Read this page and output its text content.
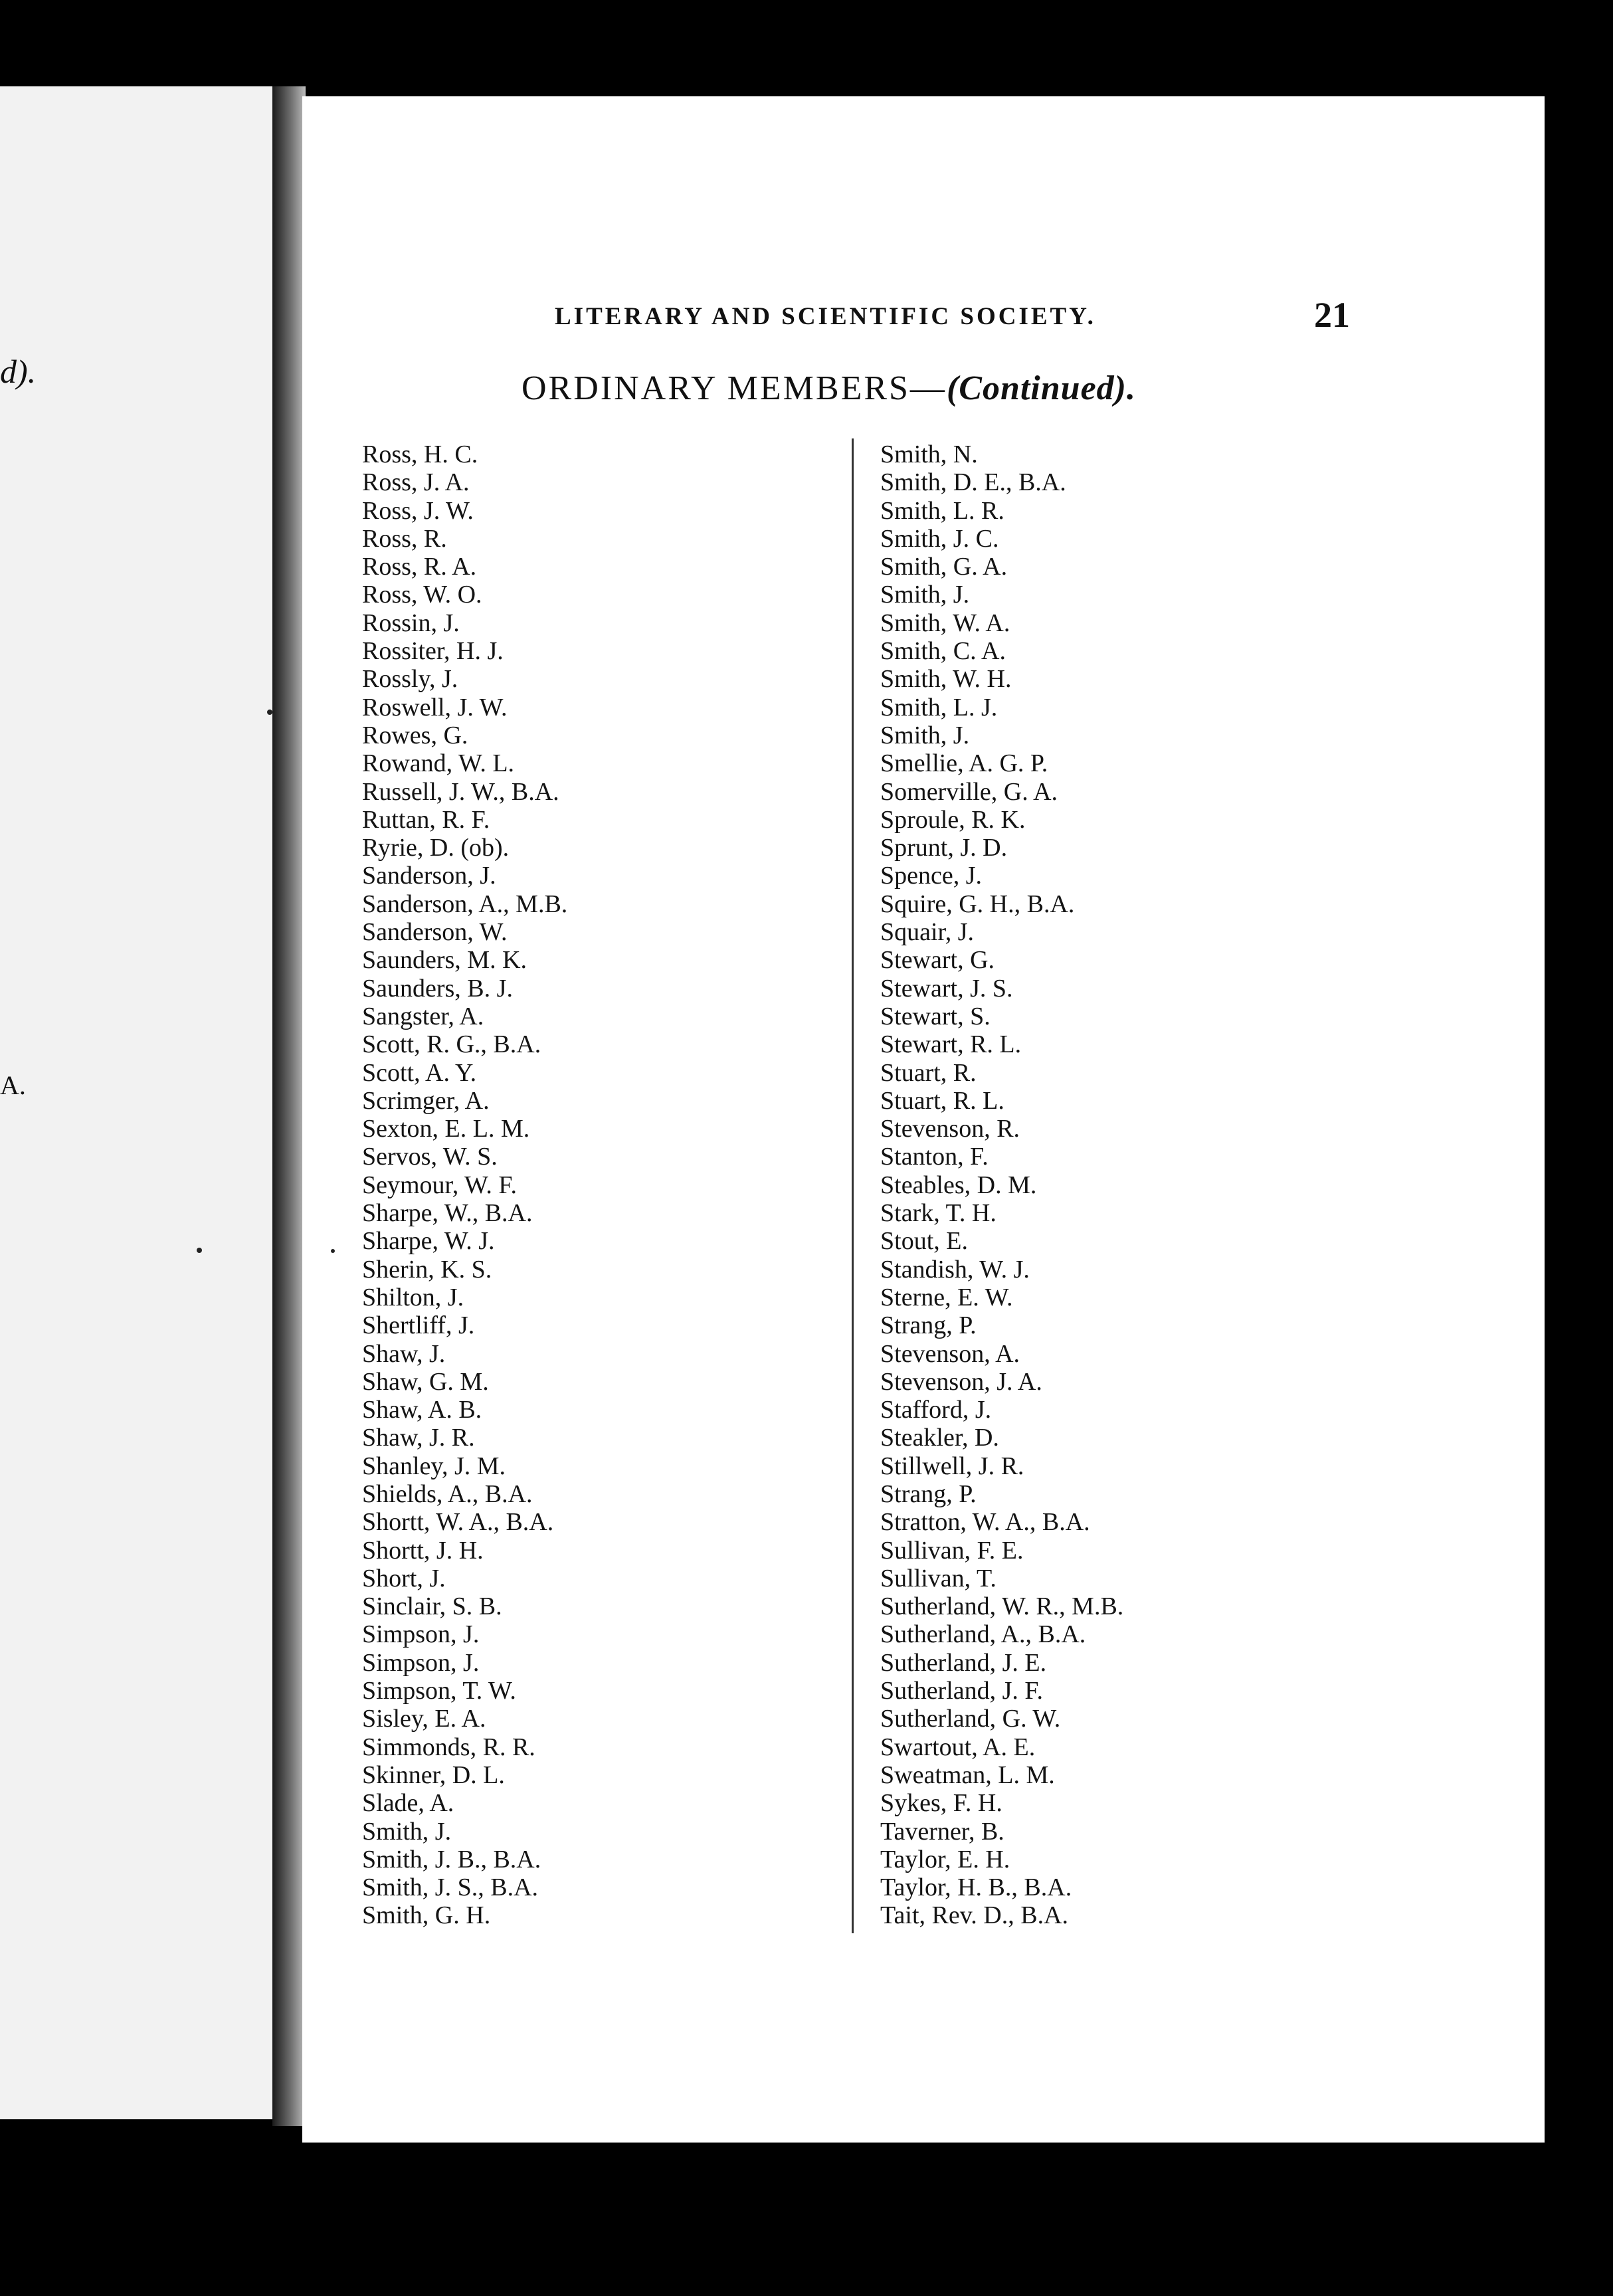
d).
A.
LITERARY AND SCIENTIFIC SOCIETY.	21
ORDINARY MEMBERS—(Continued).
Ross, H. C.
Ross, J. A.
Ross, J. W.
Ross, R.
Ross, R. A.
Ross, W. O.
Rossin, J.
Rossiter, H. J.
Rossly, J.
Roswell, J. W.
Rowes, G.
Rowand, W. L.
Russell, J. W., B.A.
Ruttan, R. F.
Ryrie, D. (ob).
Sanderson, J.
Sanderson, A., M.B.
Sanderson, W.
Saunders, M. K.
Saunders, B. J.
Sangster, A.
Scott, R. G., B.A.
Scott, A. Y.
Scrimger, A.
Sexton, E. L. M.
Servos, W. S.
Seymour, W. F.
Sharpe, W., B.A.
Sharpe, W. J.
Sherin, K. S.
Shilton, J.
Shertliff, J.
Shaw, J.
Shaw, G. M.
Shaw, A. B.
Shaw, J. R.
Shanley, J. M.
Shields, A., B.A.
Shortt, W. A., B.A.
Shortt, J. H.
Short, J.
Sinclair, S. B.
Simpson, J.
Simpson, J.
Simpson, T. W.
Sisley, E. A.
Simmonds, R. R.
Skinner, D. L.
Slade, A.
Smith, J.
Smith, J. B., B.A.
Smith, J. S., B.A.
Smith, G. H.
Smith, N.
Smith, D. E., B.A.
Smith, L. R.
Smith, J. C.
Smith, G. A.
Smith, J.
Smith, W. A.
Smith, C. A.
Smith, W. H.
Smith, L. J.
Smith, J.
Smellie, A. G. P.
Somerville, G. A.
Sproule, R. K.
Sprunt, J. D.
Spence, J.
Squire, G. H., B.A.
Squair, J.
Stewart, G.
Stewart, J. S.
Stewart, S.
Stewart, R. L.
Stuart, R.
Stuart, R. L.
Stevenson, R.
Stanton, F.
Steables, D. M.
Stark, T. H.
Stout, E.
Standish, W. J.
Sterne, E. W.
Strang, P.
Stevenson, A.
Stevenson, J. A.
Stafford, J.
Steakler, D.
Stillwell, J. R.
Strang, P.
Stratton, W. A., B.A.
Sullivan, F. E.
Sullivan, T.
Sutherland, W. R., M.B.
Sutherland, A., B.A.
Sutherland, J. E.
Sutherland, J. F.
Sutherland, G. W.
Swartout, A. E.
Sweatman, L. M.
Sykes, F. H.
Taverner, B.
Taylor, E. H.
Taylor, H. B., B.A.
Tait, Rev. D., B.A.
